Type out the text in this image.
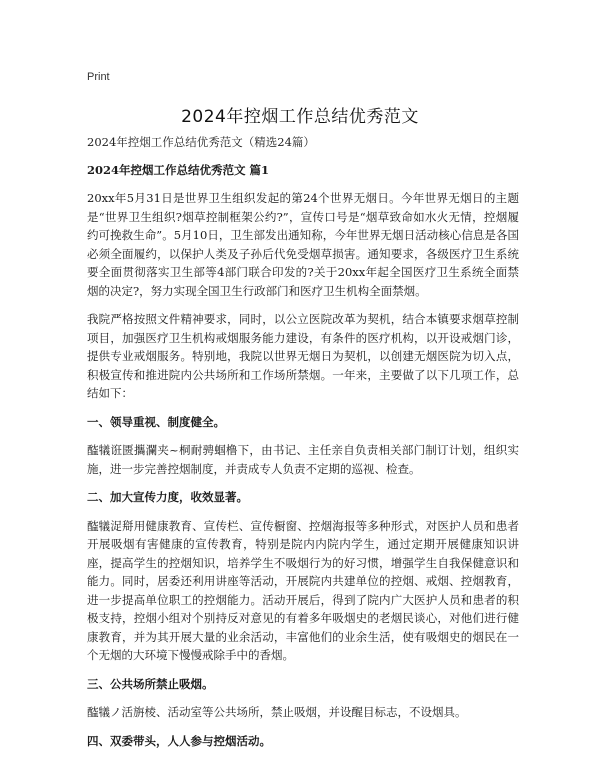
Print
2024年控烟工作总结优秀范文

2024年控烟工作总结优秀范文（精选24篇）

2024年控烟工作总结优秀范文 篇1

20xx年5月31日是世界卫生组织发起的第24个世界无烟日。今年世界无烟日的主题是“世界卫生组织?烟草控制框架公约?”，宣传口号是“烟草致命如水火无情，控烟履约可挽救生命”。5月10日，卫生部发出通知称，今年世界无烟日活动核心信息是各国必须全面履约，以保护人类及子孙后代免受烟草损害。通知要求，各级医疗卫生系统要全面贯彻落实卫生部等4部门联合印发的?关于20xx年起全国医疗卫生系统全面禁烟的决定?，努力实现全国卫生行政部门和医疗卫生机构全面禁烟。

我院严格按照文件精神要求，同时，以公立医院改革为契机，结合本镇要求烟草控制项目，加强医疗卫生机构戒烟服务能力建设，有条件的医疗机构，以开设戒烟门诊，提供专业戒烟服务。特别地，我院以世界无烟日为契机，以创建无烟医院为切入点，积极宣传和推进院内公共场所和工作场所禁烟。一年来，主要做了以下几项工作，总结如下：

一、领导重视、制度健全。

醓犠诳匮攜瀾夹~桐耐骋蝈橹下，由书记、主任亲自负责相关部门制订计划，组织实施，进一步完善控烟制度，并责成专人负责不定期的巡视、检查。

二、加大宣传力度，收效显著。

醓犠浞搿用健康教育、宣传栏、宣传橱窗、控烟海报等多种形式，对医护人员和患者开展吸烟有害健康的宣传教育，特别是院内内院内学生，通过定期开展健康知识讲座，提高学生的控烟知识，培养学生不吸烟行为的好习惯，增强学生自我保健意识和能力。同时，居委还利用讲座等活动，开展院内共建单位的控烟、戒烟、控烟教育，进一步提高单位职工的控烟能力。活动开展后，得到了院内广大医护人员和患者的积极支持，控烟小组对个别持反对意见的有着多年吸烟史的老烟民谈心，对他们进行健康教育，并为其开展大量的业余活动，丰富他们的业余生活，使有吸烟史的烟民在一个无烟的大环境下慢慢戒除手中的香烟。

三、公共场所禁止吸烟。

醓犠ノ活旃棱、活动室等公共场所，禁止吸烟，并设醒目标志，不设烟具。

四、双委带头，人人参与控烟活动。
